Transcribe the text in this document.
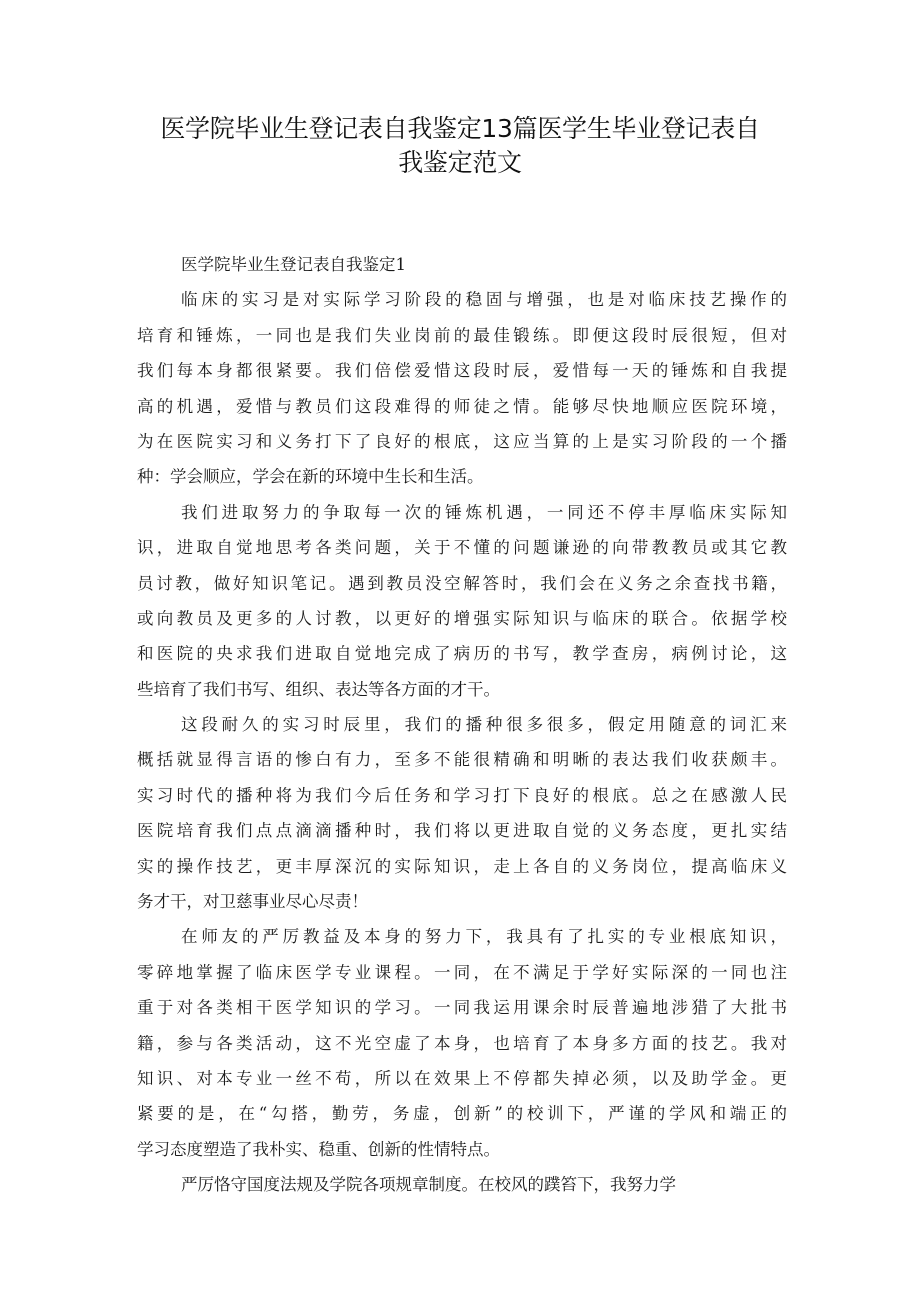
医学院毕业生登记表自我鉴定13篇医学生毕业登记表自
我鉴定范文
医学院毕业生登记表自我鉴定1
临床的实习是对实际学习阶段的稳固与增强，也是对临床技艺操作的
培育和锤炼，一同也是我们失业岗前的最佳锻练。即便这段时辰很短，但对
我们每本身都很紧要。我们倍偿爱惜这段时辰，爱惜每一天的锤炼和自我提
高的机遇，爱惜与教员们这段难得的师徒之情。能够尽快地顺应医院环境，
为在医院实习和义务打下了良好的根底，这应当算的上是实习阶段的一个播
种：学会顺应，学会在新的环境中生长和生活。
我们进取努力的争取每一次的锤炼机遇，一同还不停丰厚临床实际知
识，进取自觉地思考各类问题，关于不懂的问题谦逊的向带教教员或其它教
员讨教，做好知识笔记。遇到教员没空解答时，我们会在义务之余查找书籍，
或向教员及更多的人讨教，以更好的增强实际知识与临床的联合。依据学校
和医院的央求我们进取自觉地完成了病历的书写，教学查房，病例讨论，这
些培育了我们书写、组织、表达等各方面的才干。
这段耐久的实习时辰里，我们的播种很多很多，假定用随意的词汇来
概括就显得言语的惨白有力，至多不能很精确和明晰的表达我们收获颇丰。
实习时代的播种将为我们今后任务和学习打下良好的根底。总之在感激人民
医院培育我们点点滴滴播种时，我们将以更进取自觉的义务态度，更扎实结
实的操作技艺，更丰厚深沉的实际知识，走上各自的义务岗位，提高临床义
务才干，对卫慈事业尽心尽责！
在师友的严厉教益及本身的努力下，我具有了扎实的专业根底知识，
零碎地掌握了临床医学专业课程。一同，在不满足于学好实际深的一同也注
重于对各类相干医学知识的学习。一同我运用课余时辰普遍地涉猎了大批书
籍，参与各类活动，这不光空虚了本身，也培育了本身多方面的技艺。我对
知识、对本专业一丝不苟，所以在效果上不停都失掉必须，以及助学金。更
紧要的是，在“勾搭，勤劳，务虚，创新”的校训下，严谨的学风和端正的
学习态度塑造了我朴实、稳重、创新的性情特点。
严厉恪守国度法规及学院各项规章制度。在校风的蹼笞下，我努力学
